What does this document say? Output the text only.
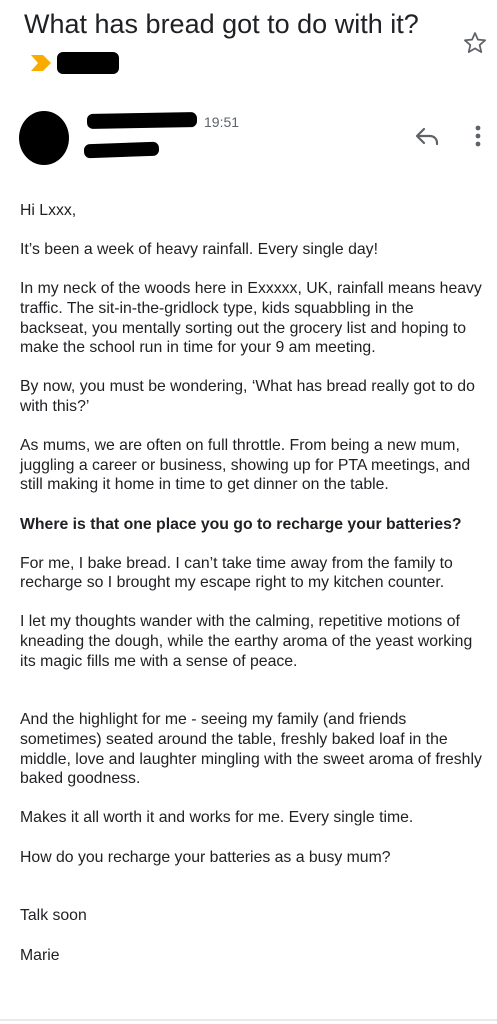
What has bread got to do with it?
19:51

Hi Lxxx,

It’s been a week of heavy rainfall. Every single day!

In my neck of the woods here in Exxxxx, UK, rainfall means heavy traffic. The sit-in-the-gridlock type, kids squabbling in the backseat, you mentally sorting out the grocery list and hoping to make the school run in time for your 9 am meeting.

By now, you must be wondering, ‘What has bread really got to do with this?’

As mums, we are often on full throttle. From being a new mum, juggling a career or business, showing up for PTA meetings, and still making it home in time to get dinner on the table.

Where is that one place you go to recharge your batteries?

For me, I bake bread. I can’t take time away from the family to recharge so I brought my escape right to my kitchen counter.

I let my thoughts wander with the calming, repetitive motions of kneading the dough, while the earthy aroma of the yeast working its magic fills me with a sense of peace.

And the highlight for me - seeing my family (and friends sometimes) seated around the table, freshly baked loaf in the middle, love and laughter mingling with the sweet aroma of freshly baked goodness.

Makes it all worth it and works for me. Every single time.

How do you recharge your batteries as a busy mum?

Talk soon

Marie
